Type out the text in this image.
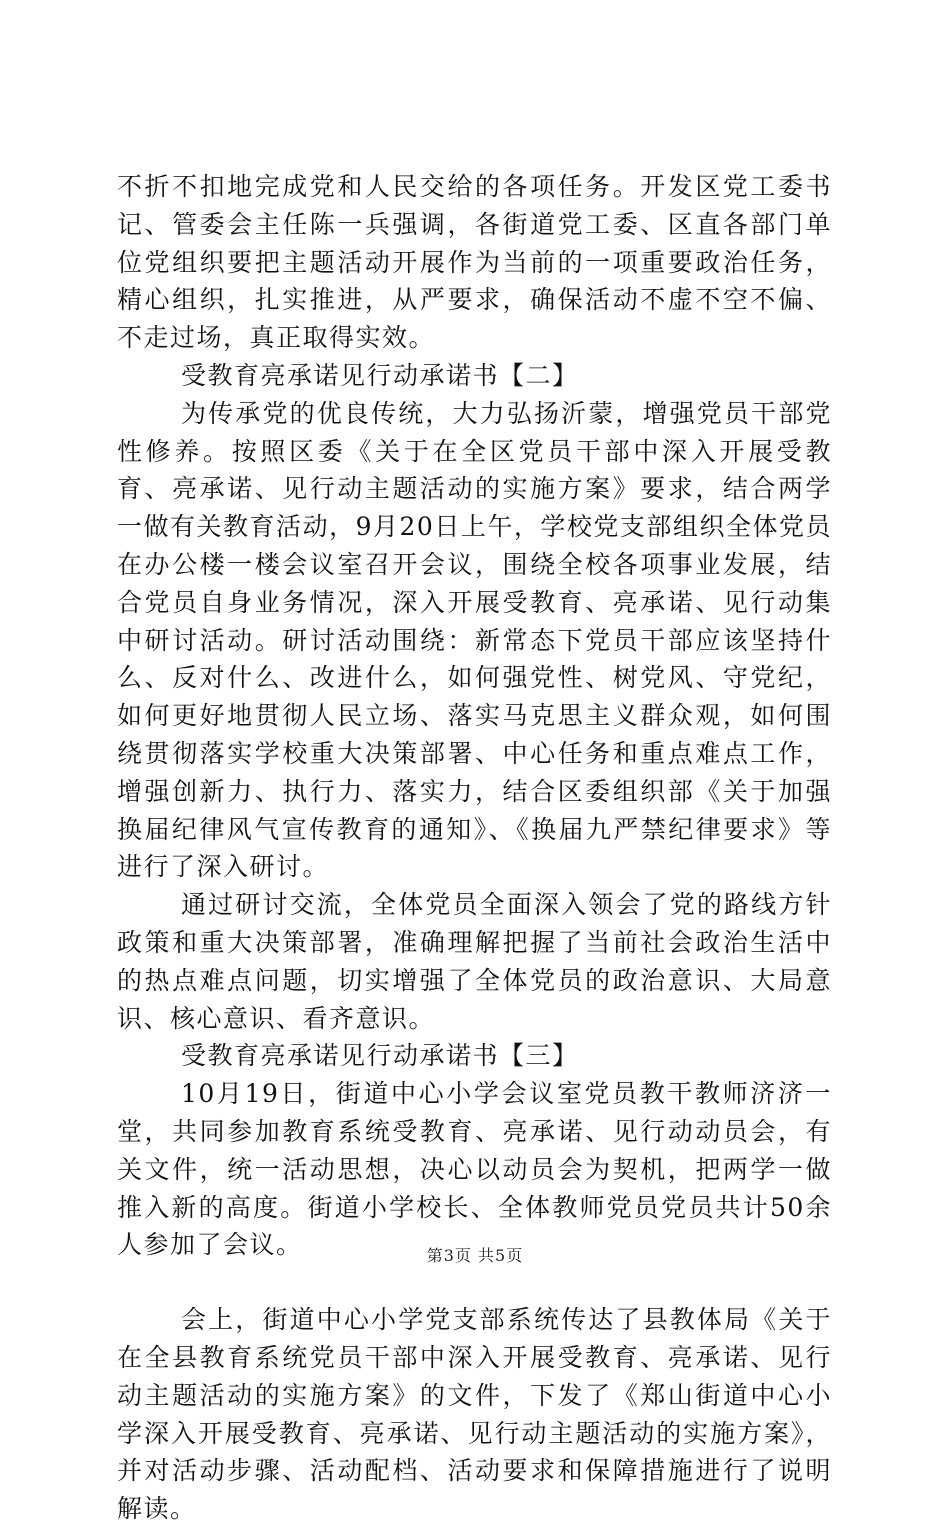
不折不扣地完成党和人民交给的各项任务。开发区党工委书记、管委会主任陈一兵强调，各街道党工委、区直各部门单位党组织要把主题活动开展作为当前的一项重要政治任务，精心组织，扎实推进，从严要求，确保活动不虚不空不偏、不走过场，真正取得实效。

受教育亮承诺见行动承诺书【二】

为传承党的优良传统，大力弘扬沂蒙，增强党员干部党性修养。按照区委《关于在全区党员干部中深入开展受教育、亮承诺、见行动主题活动的实施方案》要求，结合两学一做有关教育活动，9月20日上午，学校党支部组织全体党员在办公楼一楼会议室召开会议，围绕全校各项事业发展，结合党员自身业务情况，深入开展受教育、亮承诺、见行动集中研讨活动。研讨活动围绕：新常态下党员干部应该坚持什么、反对什么、改进什么，如何强党性、树党风、守党纪，如何更好地贯彻人民立场、落实马克思主义群众观，如何围绕贯彻落实学校重大决策部署、中心任务和重点难点工作，增强创新力、执行力、落实力，结合区委组织部《关于加强换届纪律风气宣传教育的通知》、《换届九严禁纪律要求》等进行了深入研讨。

通过研讨交流，全体党员全面深入领会了党的路线方针政策和重大决策部署，准确理解把握了当前社会政治生活中的热点难点问题，切实增强了全体党员的政治意识、大局意识、核心意识、看齐意识。

受教育亮承诺见行动承诺书【三】

10月19日，街道中心小学会议室党员教干教师济济一堂，共同参加教育系统受教育、亮承诺、见行动动员会，有关文件，统一活动思想，决心以动员会为契机，把两学一做推入新的高度。街道小学校长、全体教师党员党员共计50余人参加了会议。

会上，街道中心小学党支部系统传达了县教体局《关于在全县教育系统党员干部中深入开展受教育、亮承诺、见行动主题活动的实施方案》的文件，下发了《郑山街道中心小学深入开展受教育、亮承诺、见行动主题活动的实施方案》，并对活动步骤、活动配档、活动要求和保障措施进行了说明解读。

第3页 共5页
